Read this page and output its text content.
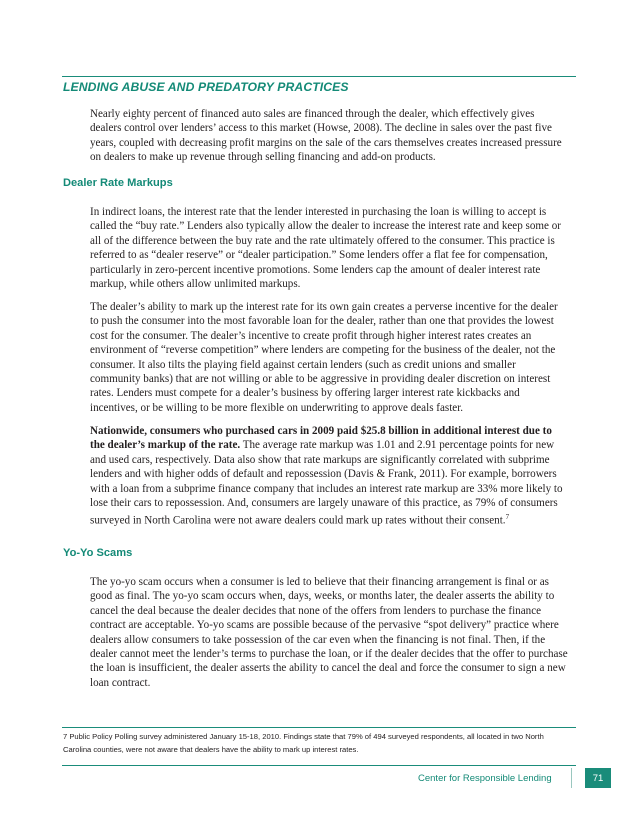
LENDING ABUSE AND PREDATORY PRACTICES

Nearly eighty percent of financed auto sales are financed through the dealer, which effectively gives dealers control over lenders’ access to this market (Howse, 2008). The decline in sales over the past five years, coupled with decreasing profit margins on the sale of the cars themselves creates increased pressure on dealers to make up revenue through selling financing and add-on products.

Dealer Rate Markups

In indirect loans, the interest rate that the lender interested in purchasing the loan is willing to accept is called the “buy rate.” Lenders also typically allow the dealer to increase the interest rate and keep some or all of the difference between the buy rate and the rate ultimately offered to the consumer. This practice is referred to as “dealer reserve” or “dealer participation.” Some lenders offer a flat fee for compensation, particularly in zero-percent incentive promotions. Some lenders cap the amount of dealer interest rate markup, while others allow unlimited markups.

The dealer’s ability to mark up the interest rate for its own gain creates a perverse incentive for the dealer to push the consumer into the most favorable loan for the dealer, rather than one that provides the lowest cost for the consumer. The dealer’s incentive to create profit through higher interest rates creates an environment of “reverse competition” where lenders are competing for the business of the dealer, not the consumer. It also tilts the playing field against certain lenders (such as credit unions and smaller community banks) that are not willing or able to be aggressive in providing dealer discretion on interest rates. Lenders must compete for a dealer’s business by offering larger interest rate kickbacks and incentives, or be willing to be more flexible on underwriting to approve deals faster.

Nationwide, consumers who purchased cars in 2009 paid $25.8 billion in additional interest due to the dealer’s markup of the rate. The average rate markup was 1.01 and 2.91 percentage points for new and used cars, respectively. Data also show that rate markups are significantly correlated with subprime lenders and with higher odds of default and repossession (Davis & Frank, 2011). For example, borrowers with a loan from a subprime finance company that includes an interest rate markup are 33% more likely to lose their cars to repossession. And, consumers are largely unaware of this practice, as 79% of consumers surveyed in North Carolina were not aware dealers could mark up rates without their consent.$^7$

Yo-Yo Scams

The yo-yo scam occurs when a consumer is led to believe that their financing arrangement is final or as good as final. The yo-yo scam occurs when, days, weeks, or months later, the dealer asserts the ability to cancel the deal because the dealer decides that none of the offers from lenders to purchase the finance contract are acceptable. Yo-yo scams are possible because of the pervasive “spot delivery” practice where dealers allow consumers to take possession of the car even when the financing is not final. Then, if the dealer cannot meet the lender’s terms to purchase the loan, or if the dealer decides that the offer to purchase the loan is insufficient, the dealer asserts the ability to cancel the deal and force the consumer to sign a new loan contract.

7 Public Policy Polling survey administered January 15-18, 2010. Findings state that 79% of 494 surveyed respondents, all located in two North Carolina counties, were not aware that dealers have the ability to mark up interest rates.

Center for Responsible Lending	71
